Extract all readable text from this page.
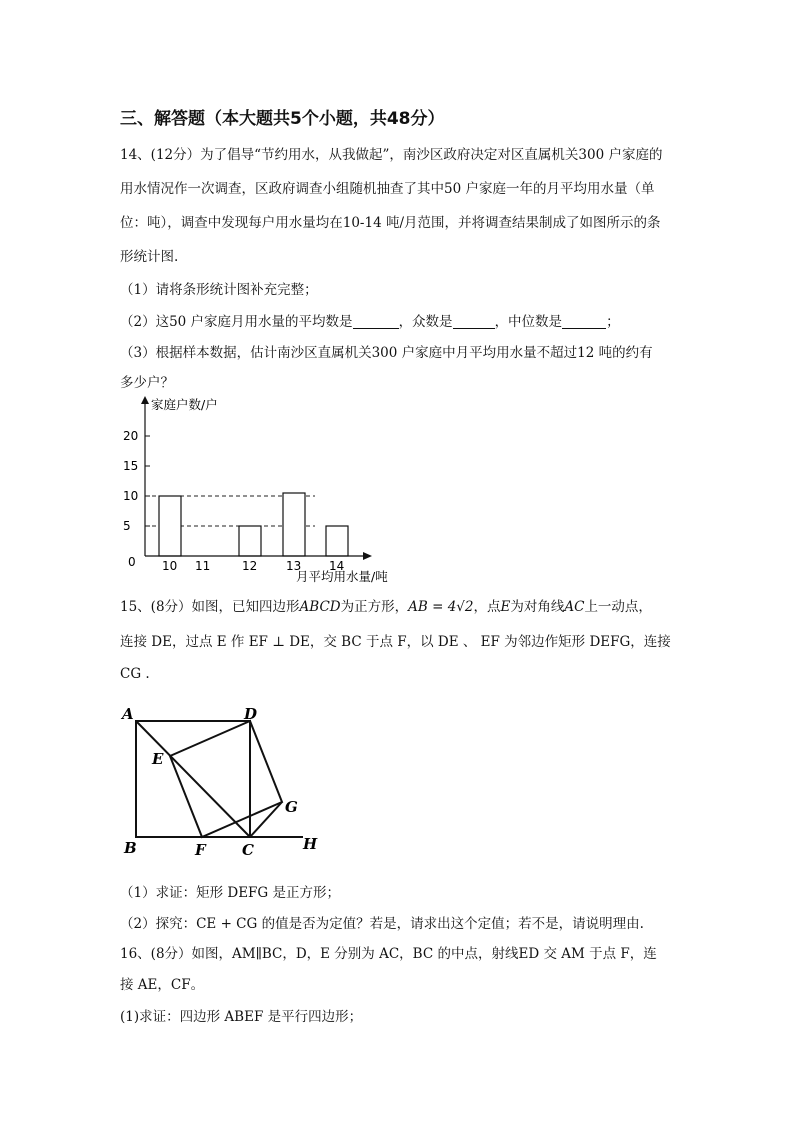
三、解答题（本大题共5个小题，共48分）
14、(12分）为了倡导“节约用水，从我做起”，南沙区政府决定对区直属机关300 户家庭的
用水情况作一次调查，区政府调查小组随机抽查了其中50 户家庭一年的月平均用水量（单
位：吨），调查中发现每户用水量均在10-14 吨/月范围，并将调查结果制成了如图所示的条
形统计图.
（1）请将条形统计图补充完整；
（2）这50 户家庭月用水量的平均数是	，众数是	，中位数是	；
（3）根据样本数据，估计南沙区直属机关300 户家庭中月平均用水量不超过12 吨的约有
多少户？
0
5
10
15
20
10 11	12 13 14
家庭户数/户
月平均用水量/吨
15、(8分）如图，已知四边形ABCD为正方形，AB = 4√2，点E为对角线AC上一动点，
连接 DE，过点 E 作 EF ⊥ DE，交 BC 于点 F，以 DE 、 EF 为邻边作矩形 DEFG，连接
CG .
A	D
E
G
B	F C	H
（1）求证：矩形 DEFG 是正方形；
（2）探究：CE + CG 的值是否为定值？若是，请求出这个定值；若不是，请说明理由.
16、(8分）如图，AM∥BC，D，E 分别为 AC，BC 的中点，射线ED 交 AM 于点 F，连
接 AE，CF。
(1)求证：四边形 ABEF 是平行四边形；
